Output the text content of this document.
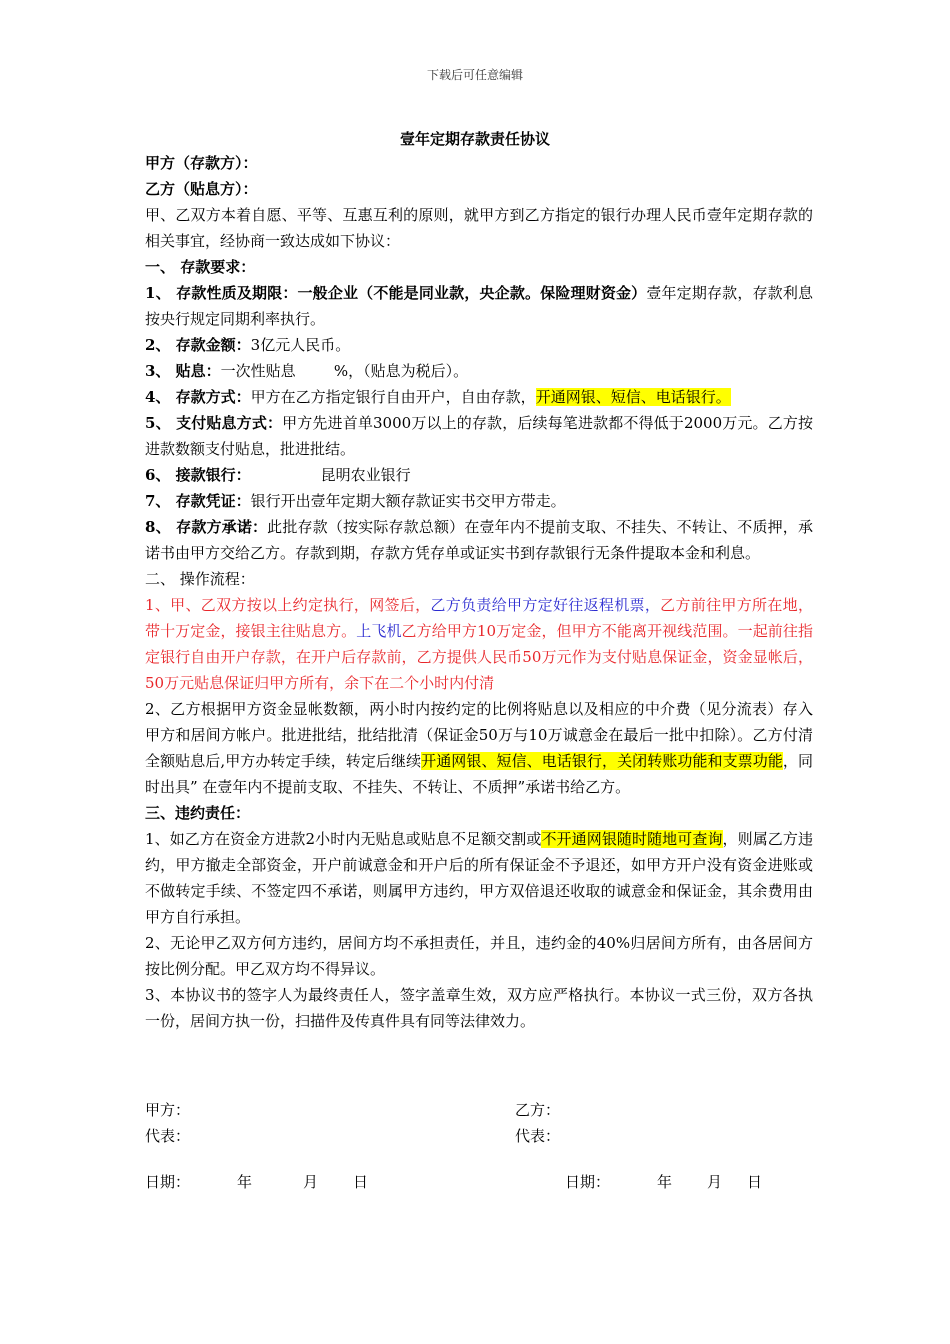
下载后可任意编辑
壹年定期存款责任协议

甲方（存款方）：

乙方（贴息方）：

甲、乙双方本着自愿、平等、互惠互利的原则，就甲方到乙方指定的银行办理人民币壹年定期存款的相关事宜，经协商一致达成如下协议：

一、 存款要求：

1、 存款性质及期限：一般企业（不能是同业款，央企款。保险理财资金）壹年定期存款，存款利息按央行规定同期利率执行。

2、 存款金额：3亿元人民币。

3、 贴息：一次性贴息        %，（贴息为税后）。

4、 存款方式：甲方在乙方指定银行自由开户，自由存款，开通网银、短信、电话银行。

5、 支付贴息方式：甲方先进首单3000万以上的存款，后续每笔进款都不得低于2000万元。乙方按进款数额支付贴息，批进批结。

6、 接款银行：	昆明农业银行

7、 存款凭证：银行开出壹年定期大额存款证实书交甲方带走。

8、 存款方承诺：此批存款（按实际存款总额）在壹年内不提前支取、不挂失、不转让、不质押，承诺书由甲方交给乙方。存款到期，存款方凭存单或证实书到存款银行无条件提取本金和利息。

二、 操作流程：

1、甲、乙双方按以上约定执行，网签后，乙方负责给甲方定好往返程机票，乙方前往甲方所在地，带十万定金，接银主往贴息方。上飞机乙方给甲方10万定金，但甲方不能离开视线范围。一起前往指定银行自由开户存款，在开户后存款前，乙方提供人民币50万元作为支付贴息保证金，资金显帐后，50万元贴息保证归甲方所有，余下在二个小时内付清

2、乙方根据甲方资金显帐数额，两小时内按约定的比例将贴息以及相应的中介费（见分流表）存入甲方和居间方帐户。批进批结，批结批清（保证金50万与10万诚意金在最后一批中扣除）。乙方付清全额贴息后,甲方办转定手续，转定后继续开通网银、短信、电话银行，关闭转账功能和支票功能，同时出具” 在壹年内不提前支取、不挂失、不转让、不质押”承诺书给乙方。

三、违约责任：

1、如乙方在资金方进款2小时内无贴息或贴息不足额交割或不开通网银随时随地可查询，则属乙方违约，甲方撤走全部资金，开户前诚意金和开户后的所有保证金不予退还，如甲方开户没有资金进账或不做转定手续、不签定四不承诺，则属甲方违约，甲方双倍退还收取的诚意金和保证金，其余费用由甲方自行承担。

2、无论甲乙双方何方违约，居间方均不承担责任，并且，违约金的40%归居间方所有，由各居间方按比例分配。甲乙双方均不得异议。

3、本协议书的签字人为最终责任人，签字盖章生效，双方应严格执行。本协议一式三份，双方各执一份，居间方执一份，扫描件及传真件具有同等法律效力。

甲方：
代表：
乙方：
代表：
日期：	年	月 日	日期：	年 月 日
